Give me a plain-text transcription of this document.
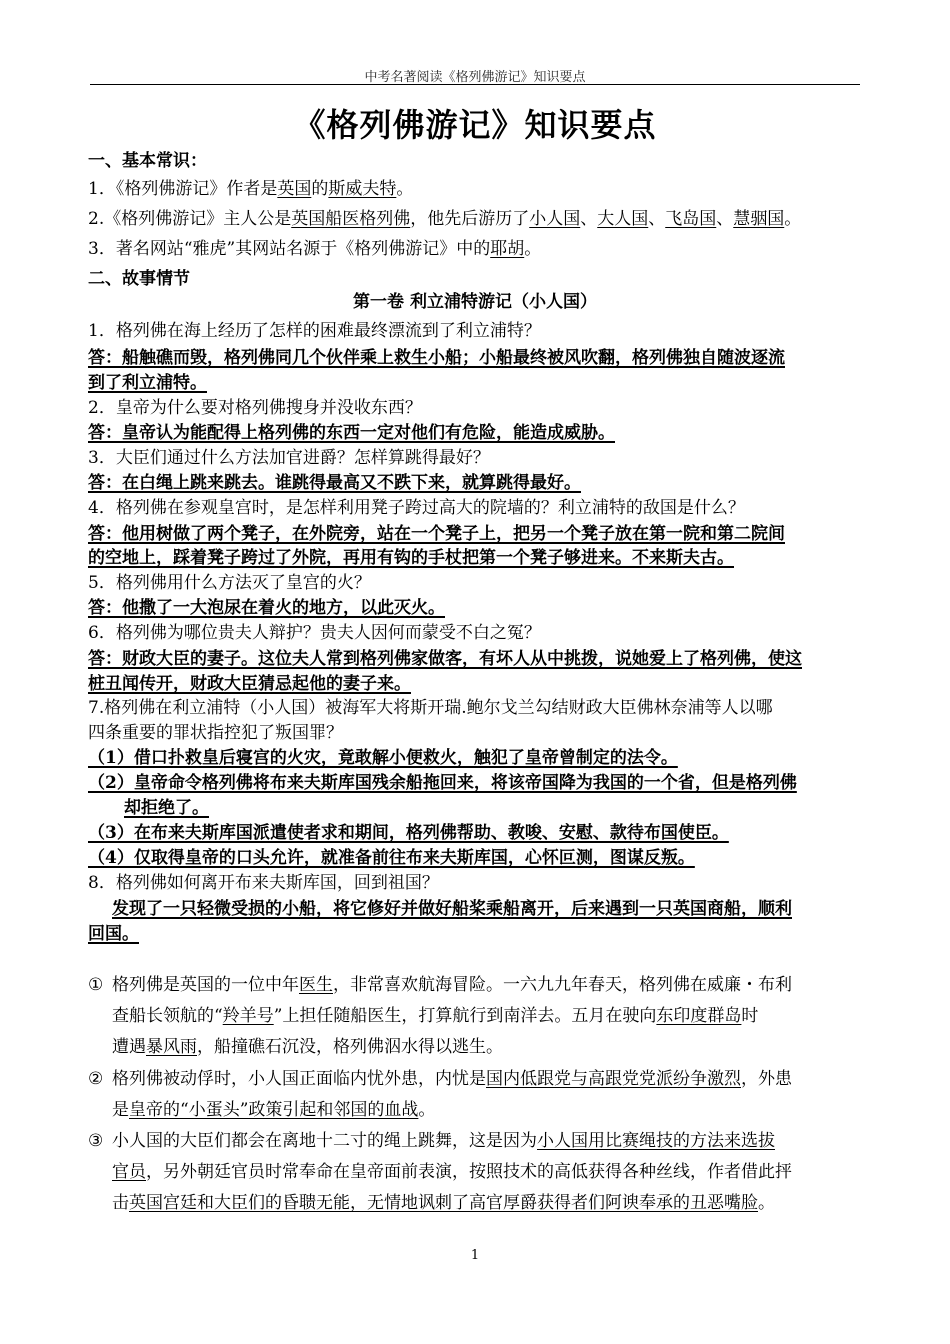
中考名著阅读《格列佛游记》知识要点
《格列佛游记》知识要点
一、基本常识：
1．《格列佛游记》作者是英国的斯威夫特。
2.《格列佛游记》主人公是英国船医格列佛，他先后游历了小人国、大人国、飞岛国、慧骃国。
3．著名网站“雅虎”其网站名源于《格列佛游记》中的耶胡。
二、故事情节
第一卷 利立浦特游记（小人国）
1．格列佛在海上经历了怎样的困难最终漂流到了利立浦特？
答：船触礁而毁，格列佛同几个伙伴乘上救生小船；小船最终被风吹翻，格列佛独自随波逐流
到了利立浦特。
2．皇帝为什么要对格列佛搜身并没收东西？
答：皇帝认为能配得上格列佛的东西一定对他们有危险，能造成威胁。
3．大臣们通过什么方法加官进爵？怎样算跳得最好？
答：在白绳上跳来跳去。谁跳得最高又不跌下来，就算跳得最好。
4．格列佛在参观皇宫时，是怎样利用凳子跨过高大的院墙的？利立浦特的敌国是什么？
答：他用树做了两个凳子，在外院旁，站在一个凳子上，把另一个凳子放在第一院和第二院间
的空地上，踩着凳子跨过了外院，再用有钩的手杖把第一个凳子够进来。不来斯夫古。
5．格列佛用什么方法灭了皇宫的火？
答：他撒了一大泡尿在着火的地方，以此灭火。
6．格列佛为哪位贵夫人辩护？贵夫人因何而蒙受不白之冤？
答：财政大臣的妻子。这位夫人常到格列佛家做客，有坏人从中挑拨，说她爱上了格列佛，使这
桩丑闻传开，财政大臣猜忌起他的妻子来。
7.格列佛在利立浦特（小人国）被海军大将斯开瑞.鲍尔戈兰勾结财政大臣佛林奈浦等人以哪
四条重要的罪状指控犯了叛国罪？
（1）借口扑救皇后寝宫的火灾，竟敢解小便救火，触犯了皇帝曾制定的法令。
（2）皇帝命令格列佛将布来夫斯库国残余船拖回来，将该帝国降为我国的一个省，但是格列佛
却拒绝了。
（3）在布来夫斯库国派遣使者求和期间，格列佛帮助、教唆、安慰、款待布国使臣。
（4）仅取得皇帝的口头允许，就准备前往布来夫斯库国，心怀叵测，图谋反叛。
8．格列佛如何离开布来夫斯库国，回到祖国？
发现了一只轻微受损的小船，将它修好并做好船桨乘船离开，后来遇到一只英国商船，顺利
回国。
① 格列佛是英国的一位中年医生，非常喜欢航海冒险。一六九九年春天，格列佛在威廉・布利
查船长领航的“羚羊号”上担任随船医生，打算航行到南洋去。五月在驶向东印度群岛时
遭遇暴风雨，船撞礁石沉没，格列佛泅水得以逃生。
② 格列佛被动俘时，小人国正面临内忧外患，内忧是国内低跟党与高跟党党派纷争激烈，外患
是皇帝的“小蛋头”政策引起和邻国的血战。
③ 小人国的大臣们都会在离地十二寸的绳上跳舞，这是因为小人国用比赛绳技的方法来选拔
官员，另外朝廷官员时常奉命在皇帝面前表演，按照技术的高低获得各种丝线，作者借此抨
击英国宫廷和大臣们的昏聩无能，无情地讽刺了高官厚爵获得者们阿谀奉承的丑恶嘴脸。
1
